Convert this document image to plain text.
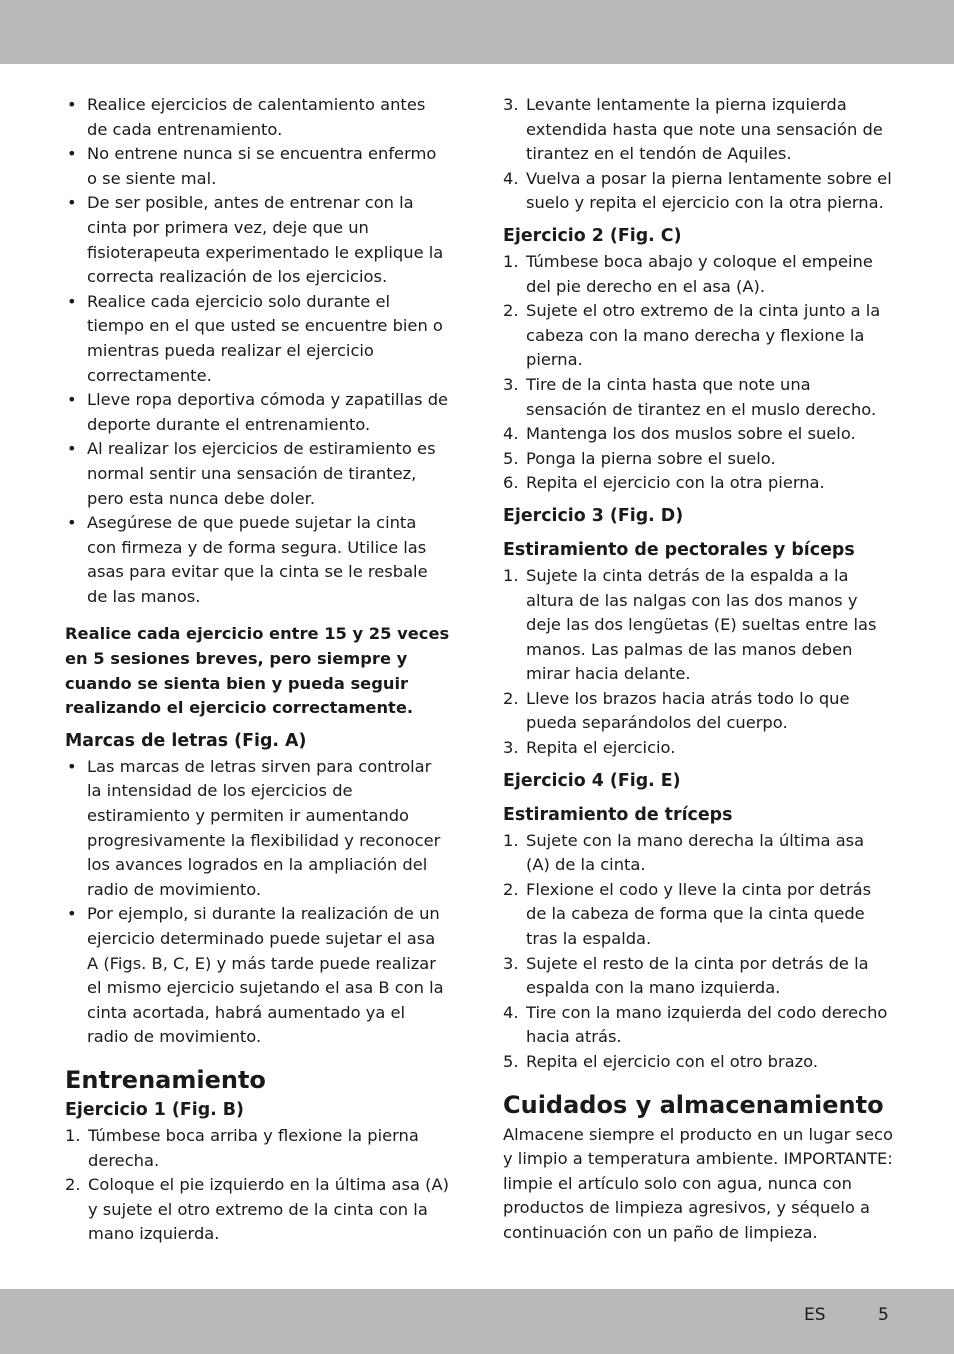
• Realice ejercicios de calentamiento antes de cada entrenamiento.
• No entrene nunca si se encuentra enfermo o se siente mal.
• De ser posible, antes de entrenar con la cinta por primera vez, deje que un fisioterapeuta experimentado le explique la correcta realización de los ejercicios.
• Realice cada ejercicio solo durante el tiempo en el que usted se encuentre bien o mientras pueda realizar el ejercicio correctamente.
• Lleve ropa deportiva cómoda y zapatillas de deporte durante el entrenamiento.
• Al realizar los ejercicios de estiramiento es normal sentir una sensación de tirantez, pero esta nunca debe doler.
• Asegúrese de que puede sujetar la cinta con firmeza y de forma segura. Utilice las asas para evitar que la cinta se le resbale de las manos.

Realice cada ejercicio entre 15 y 25 veces en 5 sesiones breves, pero siempre y cuando se sienta bien y pueda seguir realizando el ejercicio correctamente.

Marcas de letras (Fig. A)
• Las marcas de letras sirven para controlar la intensidad de los ejercicios de estiramiento y permiten ir aumentando progresivamente la flexibilidad y reconocer los avances logrados en la ampliación del radio de movimiento.
• Por ejemplo, si durante la realización de un ejercicio determinado puede sujetar el asa A (Figs. B, C, E) y más tarde puede realizar el mismo ejercicio sujetando el asa B con la cinta acortada, habrá aumentado ya el radio de movimiento.
Entrenamiento
Ejercicio 1 (Fig. B)
1. Túmbese boca arriba y flexione la pierna derecha.
2. Coloque el pie izquierdo en la última asa (A) y sujete el otro extremo de la cinta con la mano izquierda.
3. Levante lentamente la pierna izquierda extendida hasta que note una sensación de tirantez en el tendón de Aquiles.
4. Vuelva a posar la pierna lentamente sobre el suelo y repita el ejercicio con la otra pierna.
Ejercicio 2 (Fig. C)
1. Túmbese boca abajo y coloque el empeine del pie derecho en el asa (A).
2. Sujete el otro extremo de la cinta junto a la cabeza con la mano derecha y flexione la pierna.
3. Tire de la cinta hasta que note una sensación de tirantez en el muslo derecho.
4. Mantenga los dos muslos sobre el suelo.
5. Ponga la pierna sobre el suelo.
6. Repita el ejercicio con la otra pierna.
Ejercicio 3 (Fig. D)
Estiramiento de pectorales y bíceps
1. Sujete la cinta detrás de la espalda a la altura de las nalgas con las dos manos y deje las dos lengüetas (E) sueltas entre las manos. Las palmas de las manos deben mirar hacia delante.
2. Lleve los brazos hacia atrás todo lo que pueda separándolos del cuerpo.
3. Repita el ejercicio.
Ejercicio 4 (Fig. E)
Estiramiento de tríceps
1. Sujete con la mano derecha la última asa (A) de la cinta.
2. Flexione el codo y lleve la cinta por detrás de la cabeza de forma que la cinta quede tras la espalda.
3. Sujete el resto de la cinta por detrás de la espalda con la mano izquierda.
4. Tire con la mano izquierda del codo derecho hacia atrás.
5. Repita el ejercicio con el otro brazo.
Cuidados y almacenamiento

Almacene siempre el producto en un lugar seco y limpio a temperatura ambiente. IMPORTANTE: limpie el artículo solo con agua, nunca con productos de limpieza agresivos, y séquelo a continuación con un paño de limpieza.

ES	5
